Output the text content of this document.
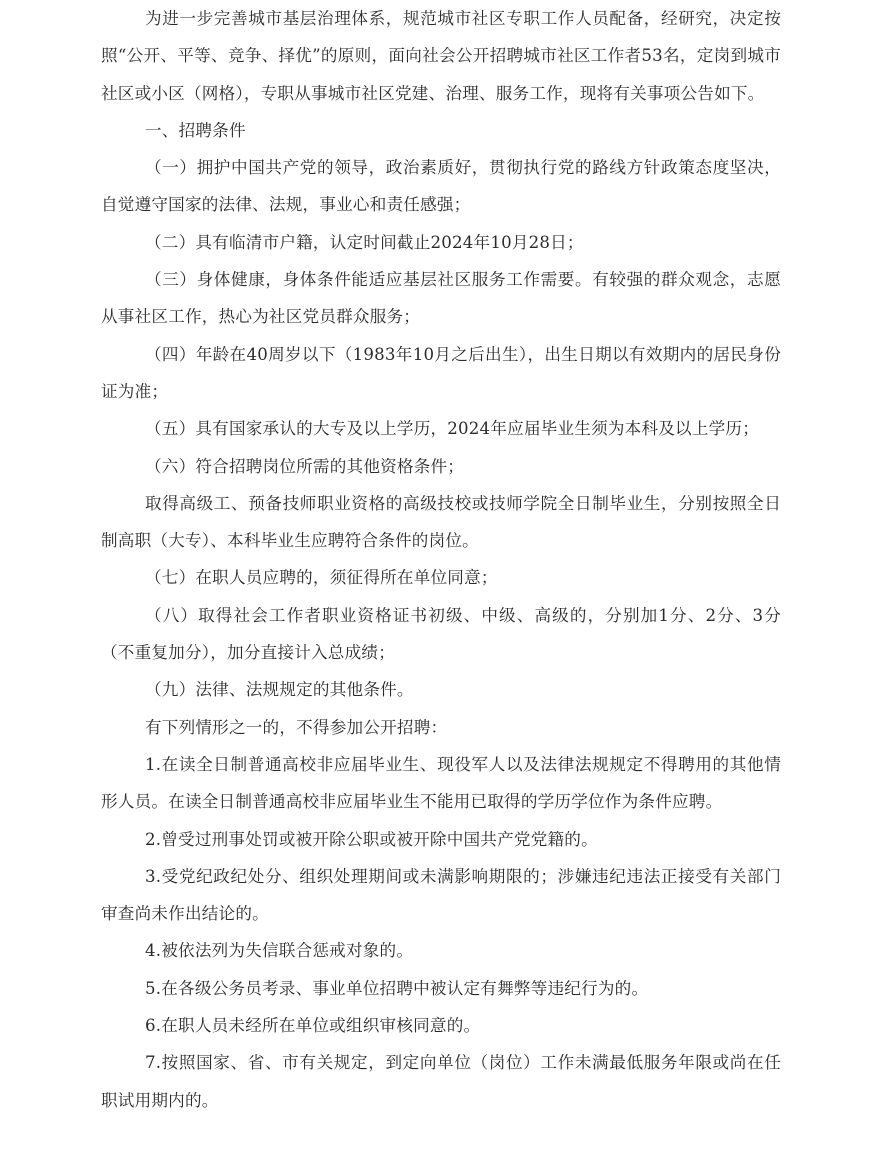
为进一步完善城市基层治理体系，规范城市社区专职工作人员配备，经研究，决定按照“公开、平等、竞争、择优”的原则，面向社会公开招聘城市社区工作者53名，定岗到城市社区或小区（网格），专职从事城市社区党建、治理、服务工作，现将有关事项公告如下。

一、招聘条件

（一）拥护中国共产党的领导，政治素质好，贯彻执行党的路线方针政策态度坚决，自觉遵守国家的法律、法规，事业心和责任感强；

（二）具有临清市户籍，认定时间截止2024年10月28日；

（三）身体健康，身体条件能适应基层社区服务工作需要。有较强的群众观念，志愿从事社区工作，热心为社区党员群众服务；

（四）年龄在40周岁以下（1983年10月之后出生），出生日期以有效期内的居民身份证为准；

（五）具有国家承认的大专及以上学历，2024年应届毕业生须为本科及以上学历；

（六）符合招聘岗位所需的其他资格条件；

取得高级工、预备技师职业资格的高级技校或技师学院全日制毕业生，分别按照全日制高职（大专）、本科毕业生应聘符合条件的岗位。

（七）在职人员应聘的，须征得所在单位同意；

（八）取得社会工作者职业资格证书初级、中级、高级的，分别加1分、2分、3分（不重复加分），加分直接计入总成绩；

（九）法律、法规规定的其他条件。

有下列情形之一的，不得参加公开招聘：

1.在读全日制普通高校非应届毕业生、现役军人以及法律法规规定不得聘用的其他情形人员。在读全日制普通高校非应届毕业生不能用已取得的学历学位作为条件应聘。

2.曾受过刑事处罚或被开除公职或被开除中国共产党党籍的。

3.受党纪政纪处分、组织处理期间或未满影响期限的；涉嫌违纪违法正接受有关部门审查尚未作出结论的。

4.被依法列为失信联合惩戒对象的。

5.在各级公务员考录、事业单位招聘中被认定有舞弊等违纪行为的。

6.在职人员未经所在单位或组织审核同意的。

7.按照国家、省、市有关规定，到定向单位（岗位）工作未满最低服务年限或尚在任职试用期内的。
